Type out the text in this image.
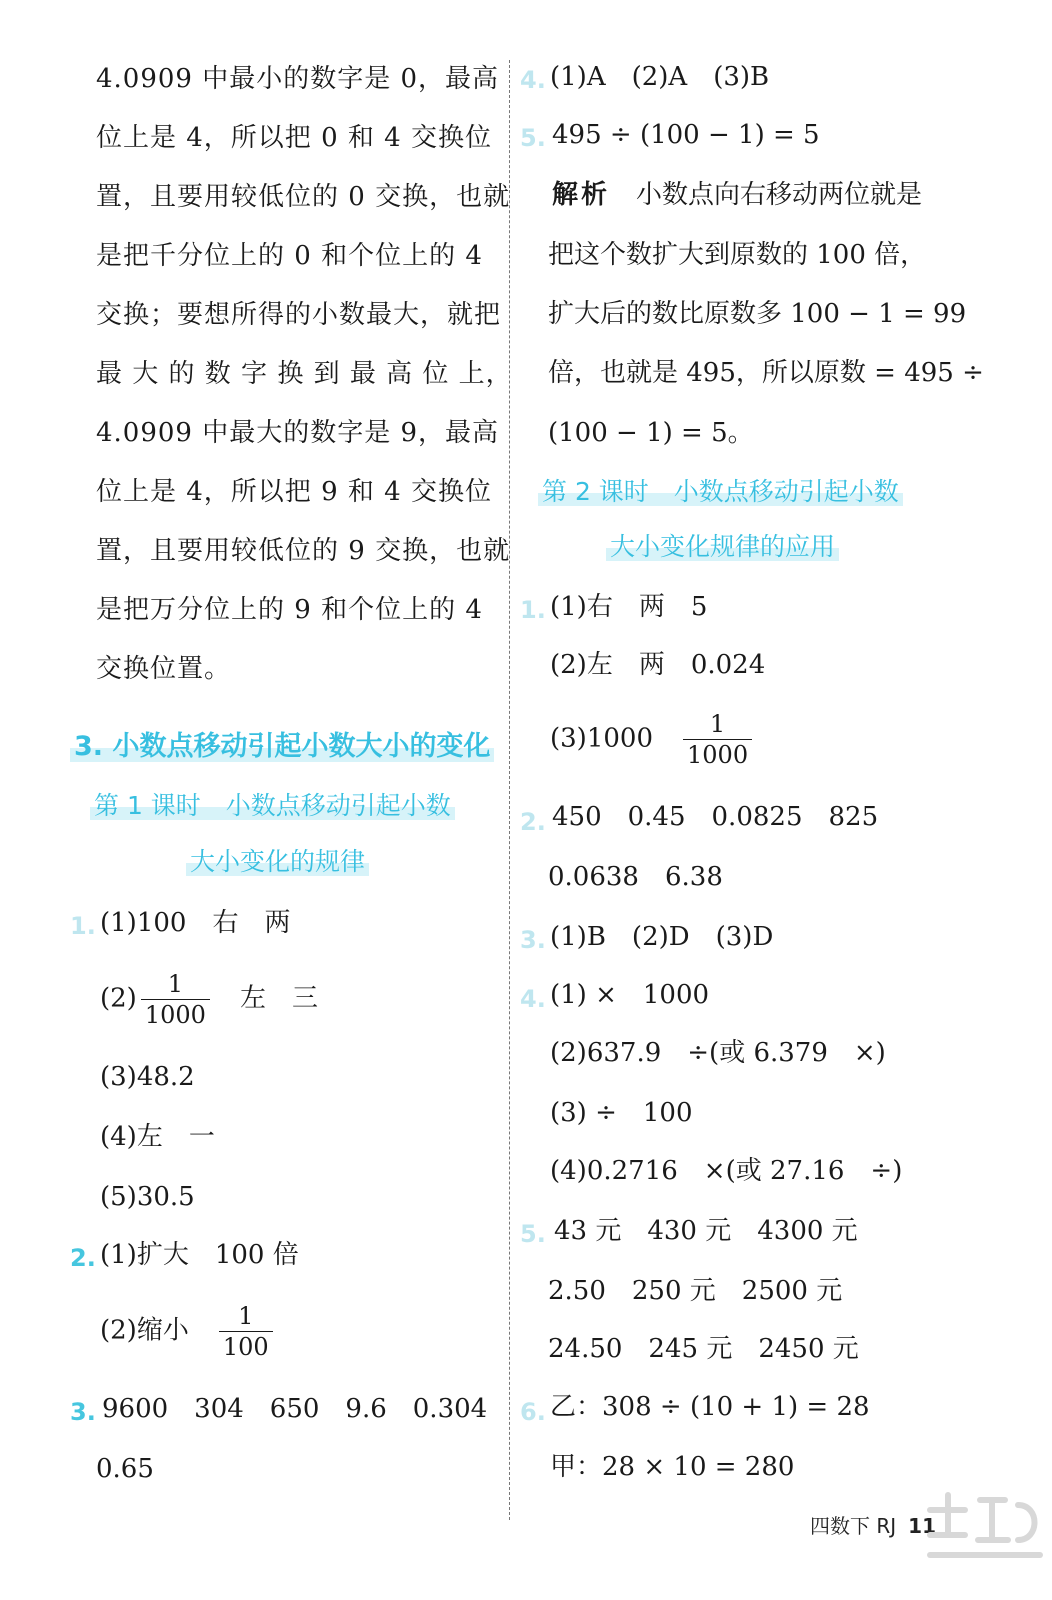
4.0909 中最小的数字是 0，最高
位上是 4，所以把 0 和 4 交换位
置，且要用较低位的 0 交换，也就
是把千分位上的 0 和个位上的 4
交换；要想所得的小数最大，就把
最 大 的 数 字 换 到 最 高 位 上，
4.0909 中最大的数字是 9，最高
位上是 4，所以把 9 和 4 交换位
置，且要用较低位的 9 交换，也就
是把万分位上的 9 和个位上的 4
交换位置。
3. 小数点移动引起小数大小的变化
第 1 课时　小数点移动引起小数
大小变化的规律
1. (1)100　右　两
$(2) \frac{1}{1000}$
　 左　三
(3)48.2
(4)左　一
(5)30.5
2. (1)扩大　100 倍
(2)缩小　 $\frac{1}{100}$
3. 9600　304　650　9.6　0.304
0.65
4. (1)A　(2)A　(3)B
5. 495 ÷ (100 − 1) = 5
解析　 小数点向右移动两位就是
把这个数扩大到原数的 100 倍，
扩大后的数比原数多 100 − 1 = 99
倍，也就是 495，所以原数 = 495 ÷
(100 − 1) = 5。
第 2 课时　小数点移动引起小数
大小变化规律的应用
1. (1)右　两　5
(2)左　两　0.024
(3)1000　 $\frac{1}{1000}$
2. 450　0.45　0.0825　825
0.0638　6.38
3. (1)B　(2)D　(3)D
4. (1) ×　1000
(2)637.9　÷(或 6.379　×)
(3) ÷　100
(4)0.2716　×(或 27.16　÷)
5. 43 元　430 元　4300 元
2.50　250 元　2500 元
24.50　245 元　2450 元
6. 乙：308 ÷ (10 + 1) = 28
甲：28 × 10 = 280
四数下 RJ 11
